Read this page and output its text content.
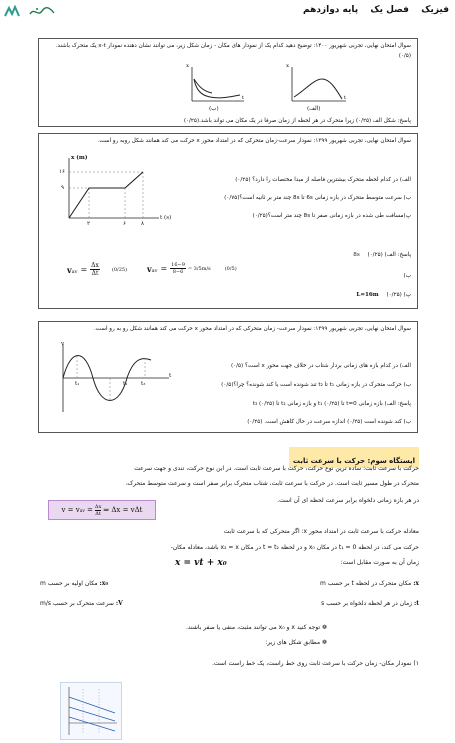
فیزیک  فصل یک  پایه دوازدهم
سوال امتحان نهایی، تجربی شهریور ۱۴۰۰: توضیح دهید کدام یک از نمودار های مکان - زمان شکل زیر، می توانند نشان دهنده نمودار x-t یک متحرک باشند. (۰/۵)
x
t
x
t
(ب)	(الف)
پاسخ: شکل الف (۰/۲۵) زیرا متحرک در هر لحظه از زمان صرفا در یک مکان می تواند باشد.(۰/۲۵)
سوال امتحان نهایی، تجربی شهریور ۱۳۹۹: نمودار سرعت-زمان متحرکی که در امتداد محور x حرکت می کند همانند شکل روبه رو است.
x (m)
t (s)
۱۶
۹
۲	۶	۸
الف) در کدام لحظه متحرک بیشترین فاصله از مبدا مختصات را دارد؟ (۰/۲۵)
ب) سرعت متوسط متحرک در بازه زمانی 6s تا 8s چند متر بر ثانیه است؟(۰/۷۵)
پ)مسافت طی شده در بازه زمانی صفر تا 8s چند متر است؟(۰/۲۵)
پاسخ: الف) 8s (۰/۲۵)
ب)
$v_{av} = \frac{\Delta x}{\Delta t} (0/25) v_{av} = \frac{16-9}{8-6} = 3/5m/s$	(0/5)
پ) L=16m (۰/۲۵)
سوال امتحان نهایی، تجربی شهریور ۱۳۹۹: نمودار سرعت- زمان متحرکی که در امتداد محور x حرکت می کند همانند شکل رو به رو است.
v
t
t₁	t₂ t₃
الف) در کدام بازه های زمانی بردار شتاب در خلاف جهت محور x است؟ (۰/۵)
ب) حرکت متحرک در بازه زمانی t₁ تا t₂ تند شونده است یا کند شونده؟ چرا؟(۰/۵)
پاسخ: الف) بازه زمانی 0=t تا t₁ (۰/۲۵) و بازه زمانی t₂ تا t₃ (۰/۲۵)
ب) کند شونده است (۰/۲۵) اندازه سرعت در حال کاهش است. (۰/۲۵)
ایستگاه سوم: حرکت با سرعت ثابت
حرکت با سرعت ثابت: ساده ترین نوع حرکت، حرکت با سرعت ثابت است. در این نوع حرکت، تندی و جهت سرعت
متحرک در طول مسیر ثابت است. در حرکت با سرعت ثابت، شتاب متحرک برابر صفر است و سرعت متوسط متحرک،
در هر بازه زمانی دلخواه برابر سرعت لحظه ای آن است.
$v = v_{av} = \frac{\Delta x}{\Delta t}$ ⇒ Δx = vΔt
معادله حرکت با سرعت ثابت در امتداد محور x: اگر متحرکی که با سرعت ثابت
حرکت می کند، در لحظه 0 = t₁ در مکان x₀ و در لحظه t = t₂ در مکان x₂ = x باشد، معادله مکان-
زمان آن به صورت مقابل است:
x = vt + x₀
x₀: مکان اولیه بر حسب m	x: مکان متحرک در لحظه t بر حسب m
V: سرعت متحرک بر حسب m/s	t: زمان در هر لحظه دلخواه بر حسب s
❁ توجه کنید x و x₀ می توانند مثبت، منفی یا صفر باشند.
❁ مطابق شکل های زیر:
۱) نمودار مکان- زمان حرکت با سرعت ثابت روی خط راست، یک خط راست است.
